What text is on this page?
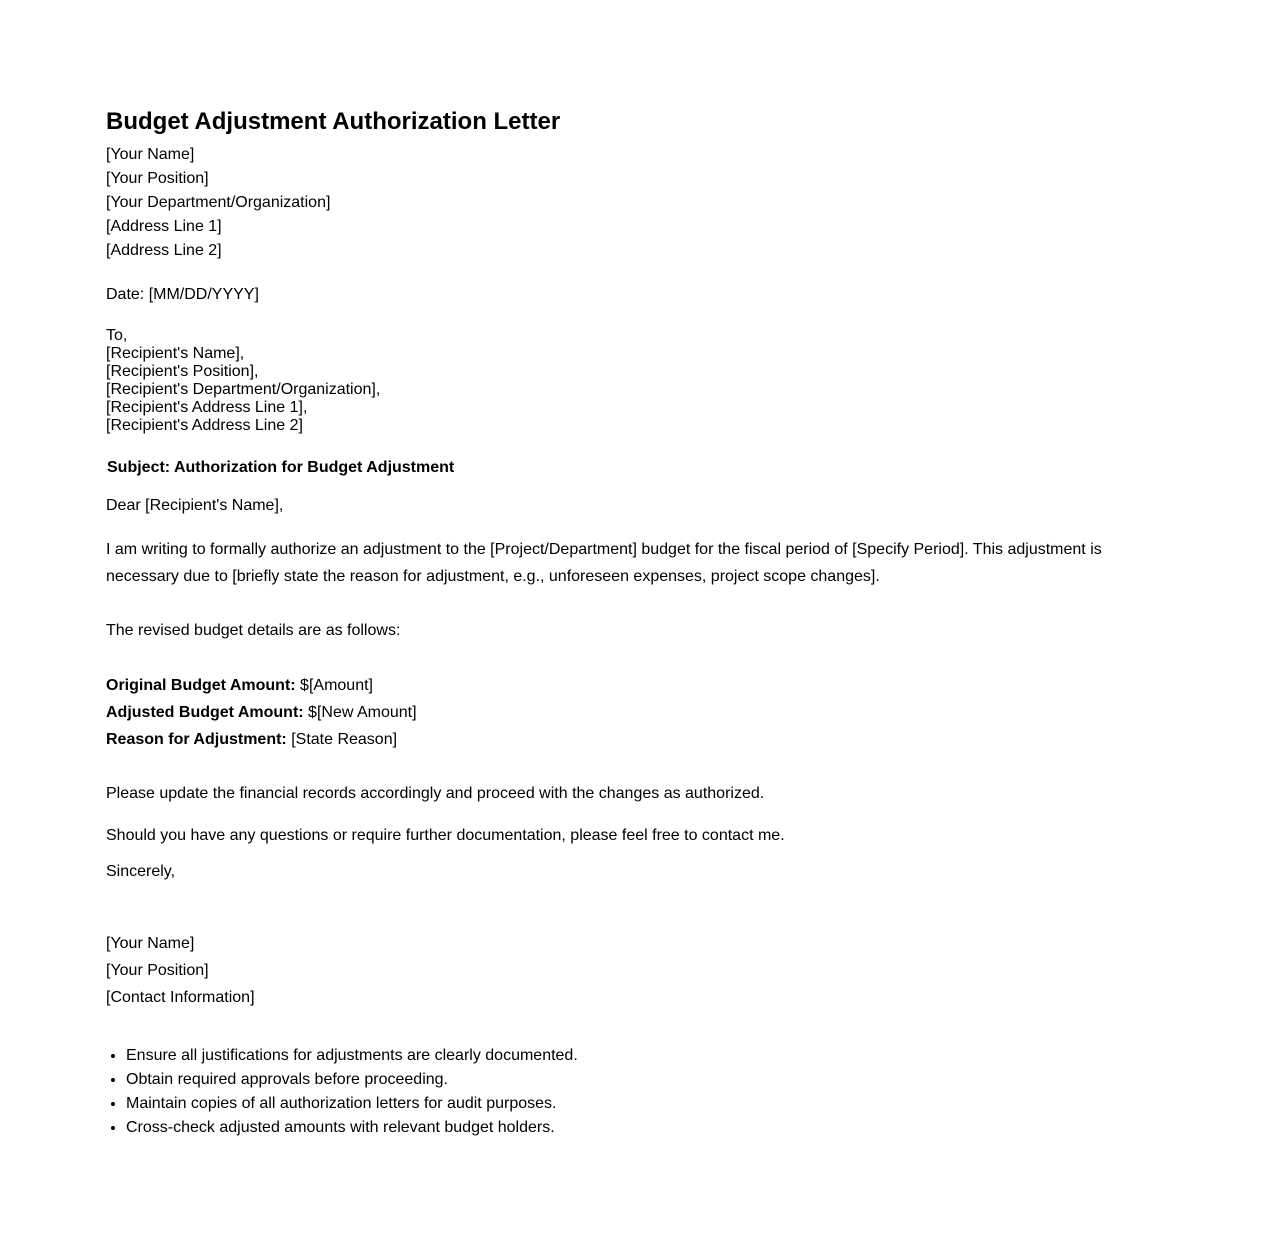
Budget Adjustment Authorization Letter
[Your Name]
[Your Position]
[Your Department/Organization]
[Address Line 1]
[Address Line 2]
Date: [MM/DD/YYYY]
To,
[Recipient's Name],
[Recipient's Position],
[Recipient's Department/Organization],
[Recipient's Address Line 1],
[Recipient's Address Line 2]
Subject: Authorization for Budget Adjustment
Dear [Recipient's Name],

I am writing to formally authorize an adjustment to the [Project/Department] budget for the fiscal period of [Specify Period]. This adjustment is necessary due to [briefly state the reason for adjustment, e.g., unforeseen expenses, project scope changes].

The revised budget details are as follows:
Original Budget Amount: $[Amount]
Adjusted Budget Amount: $[New Amount]
Reason for Adjustment: [State Reason]
Please update the financial records accordingly and proceed with the changes as authorized.
Should you have any questions or require further documentation, please feel free to contact me.
Sincerely,
[Your Name]
[Your Position]
[Contact Information]
• Ensure all justifications for adjustments are clearly documented.
• Obtain required approvals before proceeding.
• Maintain copies of all authorization letters for audit purposes.
• Cross-check adjusted amounts with relevant budget holders.
